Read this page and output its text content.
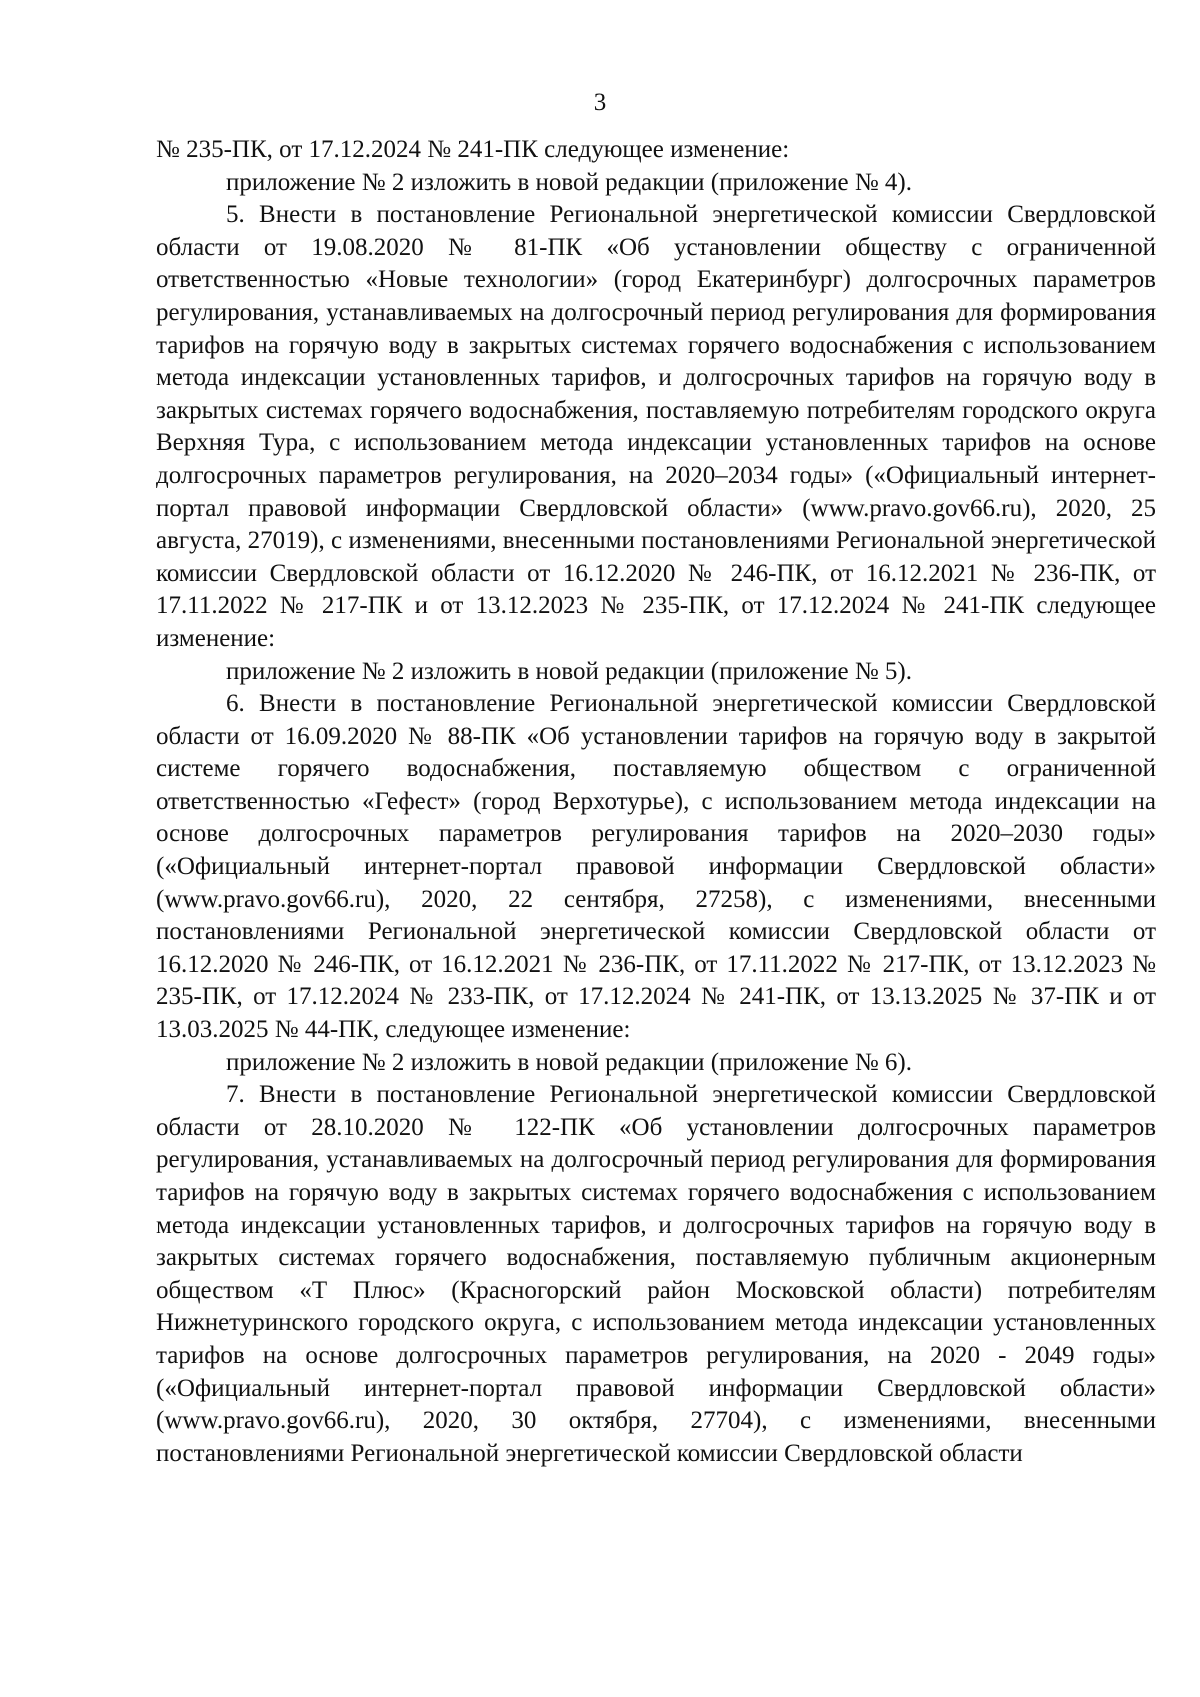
3

№ 235-ПК, от 17.12.2024 № 241-ПК следующее изменение:

приложение № 2 изложить в новой редакции (приложение № 4).

5. Внести в постановление Региональной энергетической комиссии Свердловской области от 19.08.2020 № 81-ПК «Об установлении обществу с ограниченной ответственностью «Новые технологии» (город Екатеринбург) долгосрочных параметров регулирования, устанавливаемых на долгосрочный период регулирования для формирования тарифов на горячую воду в закрытых системах горячего водоснабжения с использованием метода индексации установленных тарифов, и долгосрочных тарифов на горячую воду в закрытых системах горячего водоснабжения, поставляемую потребителям городского округа Верхняя Тура, с использованием метода индексации установленных тарифов на основе долгосрочных параметров регулирования, на 2020–2034 годы» («Официальный интернет-портал правовой информации Свердловской области» (www.pravo.gov66.ru), 2020, 25 августа, 27019), с изменениями, внесенными постановлениями Региональной энергетической комиссии Свердловской области от 16.12.2020 № 246-ПК, от 16.12.2021 № 236-ПК, от 17.11.2022 № 217-ПК и от 13.12.2023 № 235-ПК, от 17.12.2024 № 241-ПК следующее изменение:

приложение № 2 изложить в новой редакции (приложение № 5).

6. Внести в постановление Региональной энергетической комиссии Свердловской области от 16.09.2020 № 88-ПК «Об установлении тарифов на горячую воду в закрытой системе горячего водоснабжения, поставляемую обществом с ограниченной ответственностью «Гефест» (город Верхотурье), с использованием метода индексации на основе долгосрочных параметров регулирования тарифов на 2020–2030 годы» («Официальный интернет-портал правовой информации Свердловской области» (www.pravo.gov66.ru), 2020, 22 сентября, 27258), с изменениями, внесенными постановлениями Региональной энергетической комиссии Свердловской области от 16.12.2020 № 246-ПК, от 16.12.2021 № 236-ПК, от 17.11.2022 № 217-ПК, от 13.12.2023 № 235-ПК, от 17.12.2024 № 233-ПК, от 17.12.2024 № 241-ПК, от 13.13.2025 № 37-ПК и от 13.03.2025 № 44-ПК, следующее изменение:

приложение № 2 изложить в новой редакции (приложение № 6).

7. Внести в постановление Региональной энергетической комиссии Свердловской области от 28.10.2020 № 122-ПК «Об установлении долгосрочных параметров регулирования, устанавливаемых на долгосрочный период регулирования для формирования тарифов на горячую воду в закрытых системах горячего водоснабжения с использованием метода индексации установленных тарифов, и долгосрочных тарифов на горячую воду в закрытых системах горячего водоснабжения, поставляемую публичным акционерным обществом «Т Плюс» (Красногорский район Московской области) потребителям Нижнетуринского городского округа, с использованием метода индексации установленных тарифов на основе долгосрочных параметров регулирования, на 2020 - 2049 годы» («Официальный интернет-портал правовой информации Свердловской области» (www.pravo.gov66.ru), 2020, 30 октября, 27704), с изменениями, внесенными постановлениями Региональной энергетической комиссии Свердловской области
